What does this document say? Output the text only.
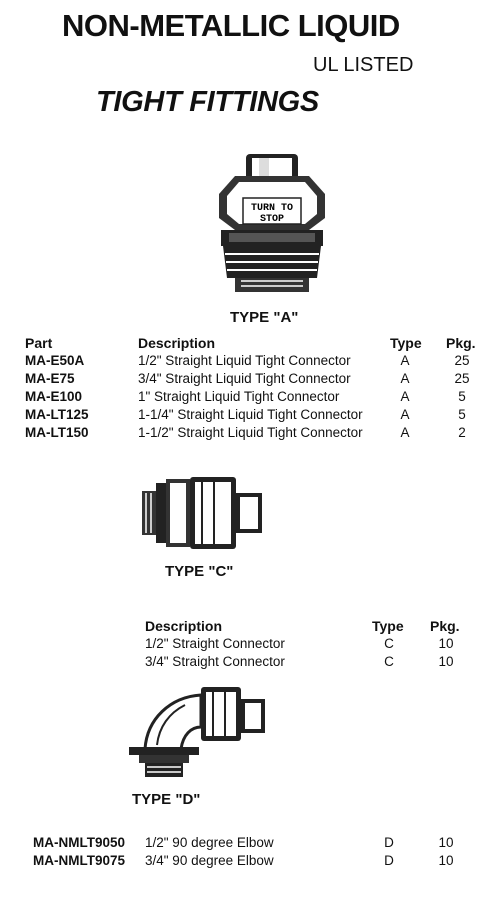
NON-METALLIC LIQUID
UL LISTED
TIGHT FITTINGS
TURN TO
STOP
TYPE "A"
Part	Description	Type Pkg.
MA-E50A	1/2" Straight Liquid Tight Connector	A	25
MA-E75	3/4" Straight Liquid Tight Connector	A	25
MA-E100	1" Straight Liquid Tight Connector	A	5
MA-LT125	1-1/4" Straight Liquid Tight Connector	A	5
MA-LT150	1-1/2" Straight Liquid Tight Connector	A	2
TYPE "C"
Description	Type Pkg.
1/2" Straight Connector	C	10
3/4" Straight Connector	C	10
TYPE "D"
MA-NMLT9050 1/2" 90 degree Elbow	D	10
MA-NMLT9075 3/4" 90 degree Elbow	D	10
